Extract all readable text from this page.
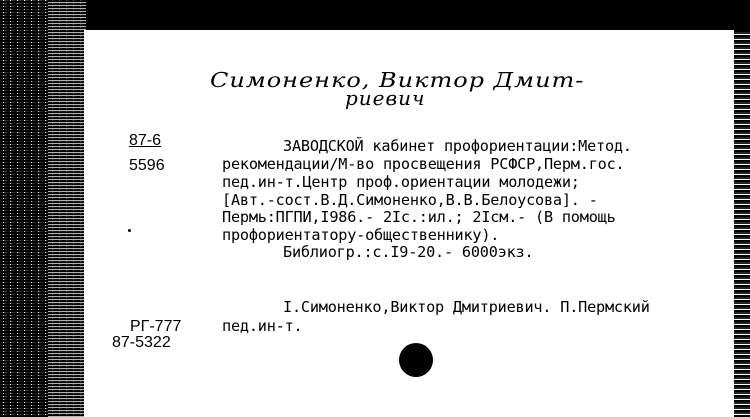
Симоненко, Виктор Дмит-
риевич
87-6
5596
ЗАВОДСКОЙ кабинет профориентации:Метод.
рекомендации/М-во просвещения РСФСР,Перм.гос.
пед.ин-т.Центр проф.ориентации молодежи;
[Авт.-сост.В.Д.Симоненко,В.В.Белоусова]. -
Пермь:ПГПИ,I986.- 2Iс.:ил.; 2Iсм.- (В помощь
профориентатору-общественнику).
Библиогр.:с.I9-20.- 6000экз.
I.Симоненко,Виктор Дмитриевич. П.Пермский
пед.ин-т.
РГ-777
87-5322
